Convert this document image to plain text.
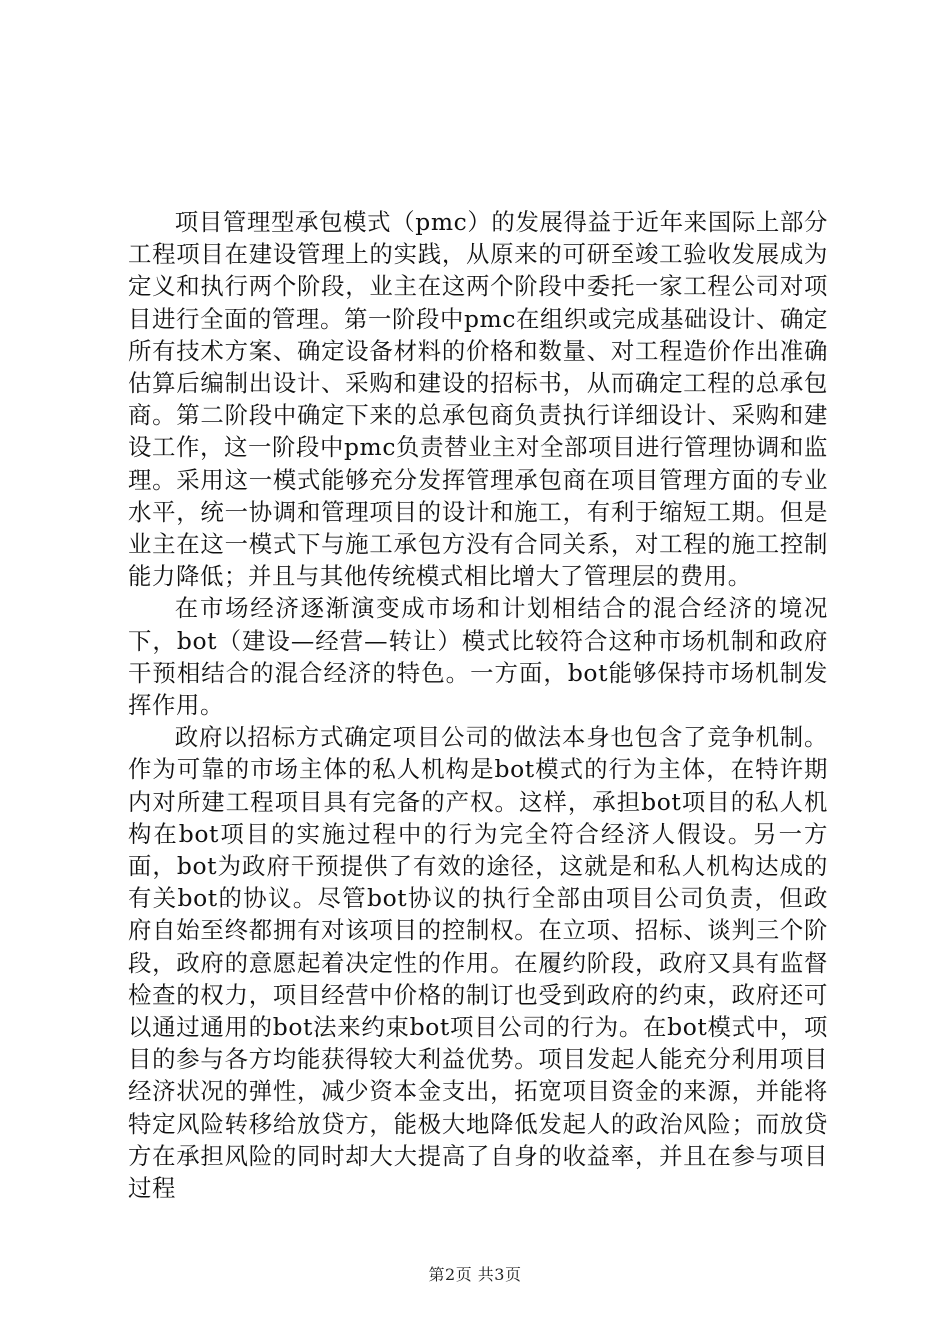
项目管理型承包模式（pmc）的发展得益于近年来国际上部分工程项目在建设管理上的实践，从原来的可研至竣工验收发展成为定义和执行两个阶段，业主在这两个阶段中委托一家工程公司对项目进行全面的管理。第一阶段中pmc在组织或完成基础设计、确定所有技术方案、确定设备材料的价格和数量、对工程造价作出准确估算后编制出设计、采购和建设的招标书，从而确定工程的总承包商。第二阶段中确定下来的总承包商负责执行详细设计、采购和建设工作，这一阶段中pmc负责替业主对全部项目进行管理协调和监理。采用这一模式能够充分发挥管理承包商在项目管理方面的专业水平，统一协调和管理项目的设计和施工，有利于缩短工期。但是业主在这一模式下与施工承包方没有合同关系，对工程的施工控制能力降低；并且与其他传统模式相比增大了管理层的费用。

在市场经济逐渐演变成市场和计划相结合的混合经济的境况下，bot（建设—经营—转让）模式比较符合这种市场机制和政府干预相结合的混合经济的特色。一方面，bot能够保持市场机制发挥作用。

政府以招标方式确定项目公司的做法本身也包含了竞争机制。作为可靠的市场主体的私人机构是bot模式的行为主体，在特许期内对所建工程项目具有完备的产权。这样，承担bot项目的私人机构在bot项目的实施过程中的行为完全符合经济人假设。另一方面，bot为政府干预提供了有效的途径，这就是和私人机构达成的有关bot的协议。尽管bot协议的执行全部由项目公司负责，但政府自始至终都拥有对该项目的控制权。在立项、招标、谈判三个阶段，政府的意愿起着决定性的作用。在履约阶段，政府又具有监督检查的权力，项目经营中价格的制订也受到政府的约束，政府还可以通过通用的bot法来约束bot项目公司的行为。在bot模式中，项目的参与各方均能获得较大利益优势。项目发起人能充分利用项目经济状况的弹性，减少资本金支出，拓宽项目资金的来源，并能将特定风险转移给放贷方，能极大地降低发起人的政治风险；而放贷方在承担风险的同时却大大提高了自身的收益率，并且在参与项目过程

第2页 共3页
